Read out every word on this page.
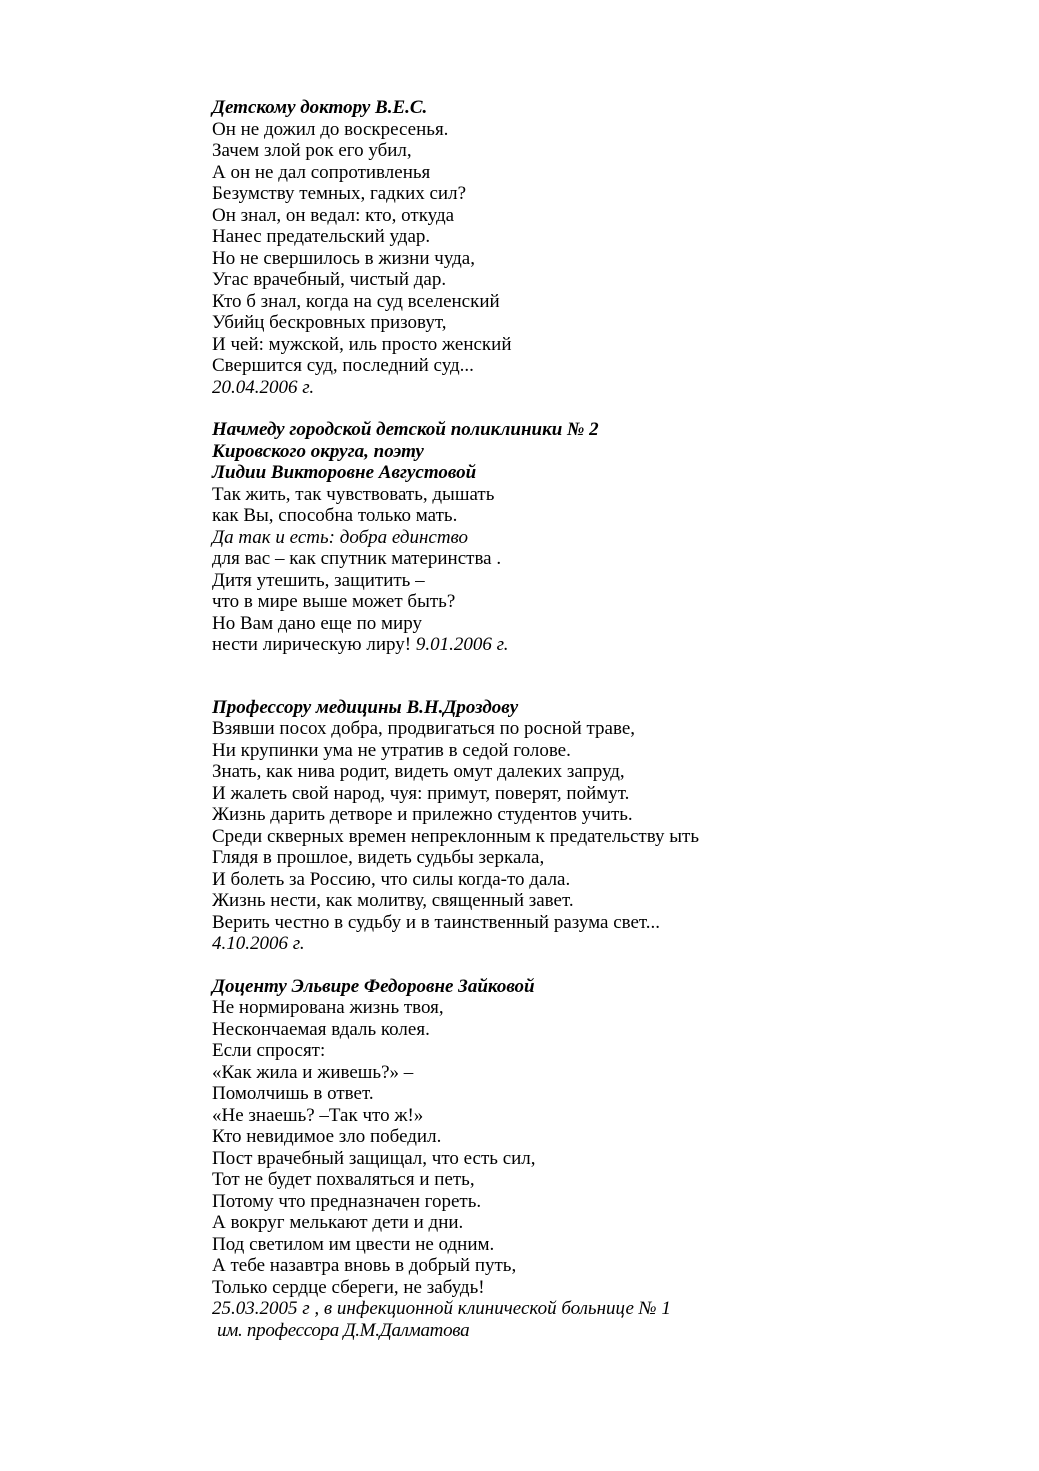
Детскому доктору В.Е.С.
Он не дожил до воскресенья.
Зачем злой рок его убил,
А он не дал сопротивленья
Безумству темных, гадких сил?
Он знал, он ведал: кто, откуда
Нанес предательский удар.
Но не свершилось в жизни чуда,
Угас врачебный, чистый дар.
Кто б знал, когда на суд вселенский
Убийц бескровных призовут,
И чей: мужской, иль просто женский
Свершится суд, последний суд...
20.04.2006 г.
Начмеду городской детской поликлиники № 2
Кировского округа, поэту
Лидии Викторовне Августовой
Так жить, так чувствовать, дышать
как Вы, способна только мать.
Да так и есть: добра единство
для вас – как спутник материнства .
Дитя утешить, защитить –
что в мире выше может быть?
Но Вам дано еще по миру
нести лирическую лиру! 9.01.2006 г.
Профессору медицины В.Н.Дроздову
Взявши посох добра, продвигаться по росной траве,
Ни крупинки ума не утратив в седой голове.
Знать, как нива родит, видеть омут далеких запруд,
И жалеть свой народ, чуя: примут, поверят, поймут.
Жизнь дарить детворе и прилежно студентов учить.
Среди скверных времен непреклонным к предательству ыть
Глядя в прошлое, видеть судьбы зеркала,
И болеть за Россию, что силы когда-то дала.
Жизнь нести, как молитву, священный завет.
Верить честно в судьбу и в таинственный разума свет...
4.10.2006 г.
Доценту Эльвире Федоровне Зайковой
Не нормирована жизнь твоя,
Нескончаемая вдаль колея.
Если спросят:
«Как жила и живешь?» –
Помолчишь в ответ.
«Не знаешь? –Так что ж!»
Кто невидимое зло победил.
Пост врачебный защищал, что есть сил,
Тот не будет похваляться и петь,
Потому что предназначен гореть.
А вокруг мелькают дети и дни.
Под светилом им цвести не одним.
А тебе назавтра вновь в добрый путь,
Только сердце сбереги, не забудь!
25.03.2005 г , в инфекционной клинической больнице № 1
им. профессора Д.М.Далматова
